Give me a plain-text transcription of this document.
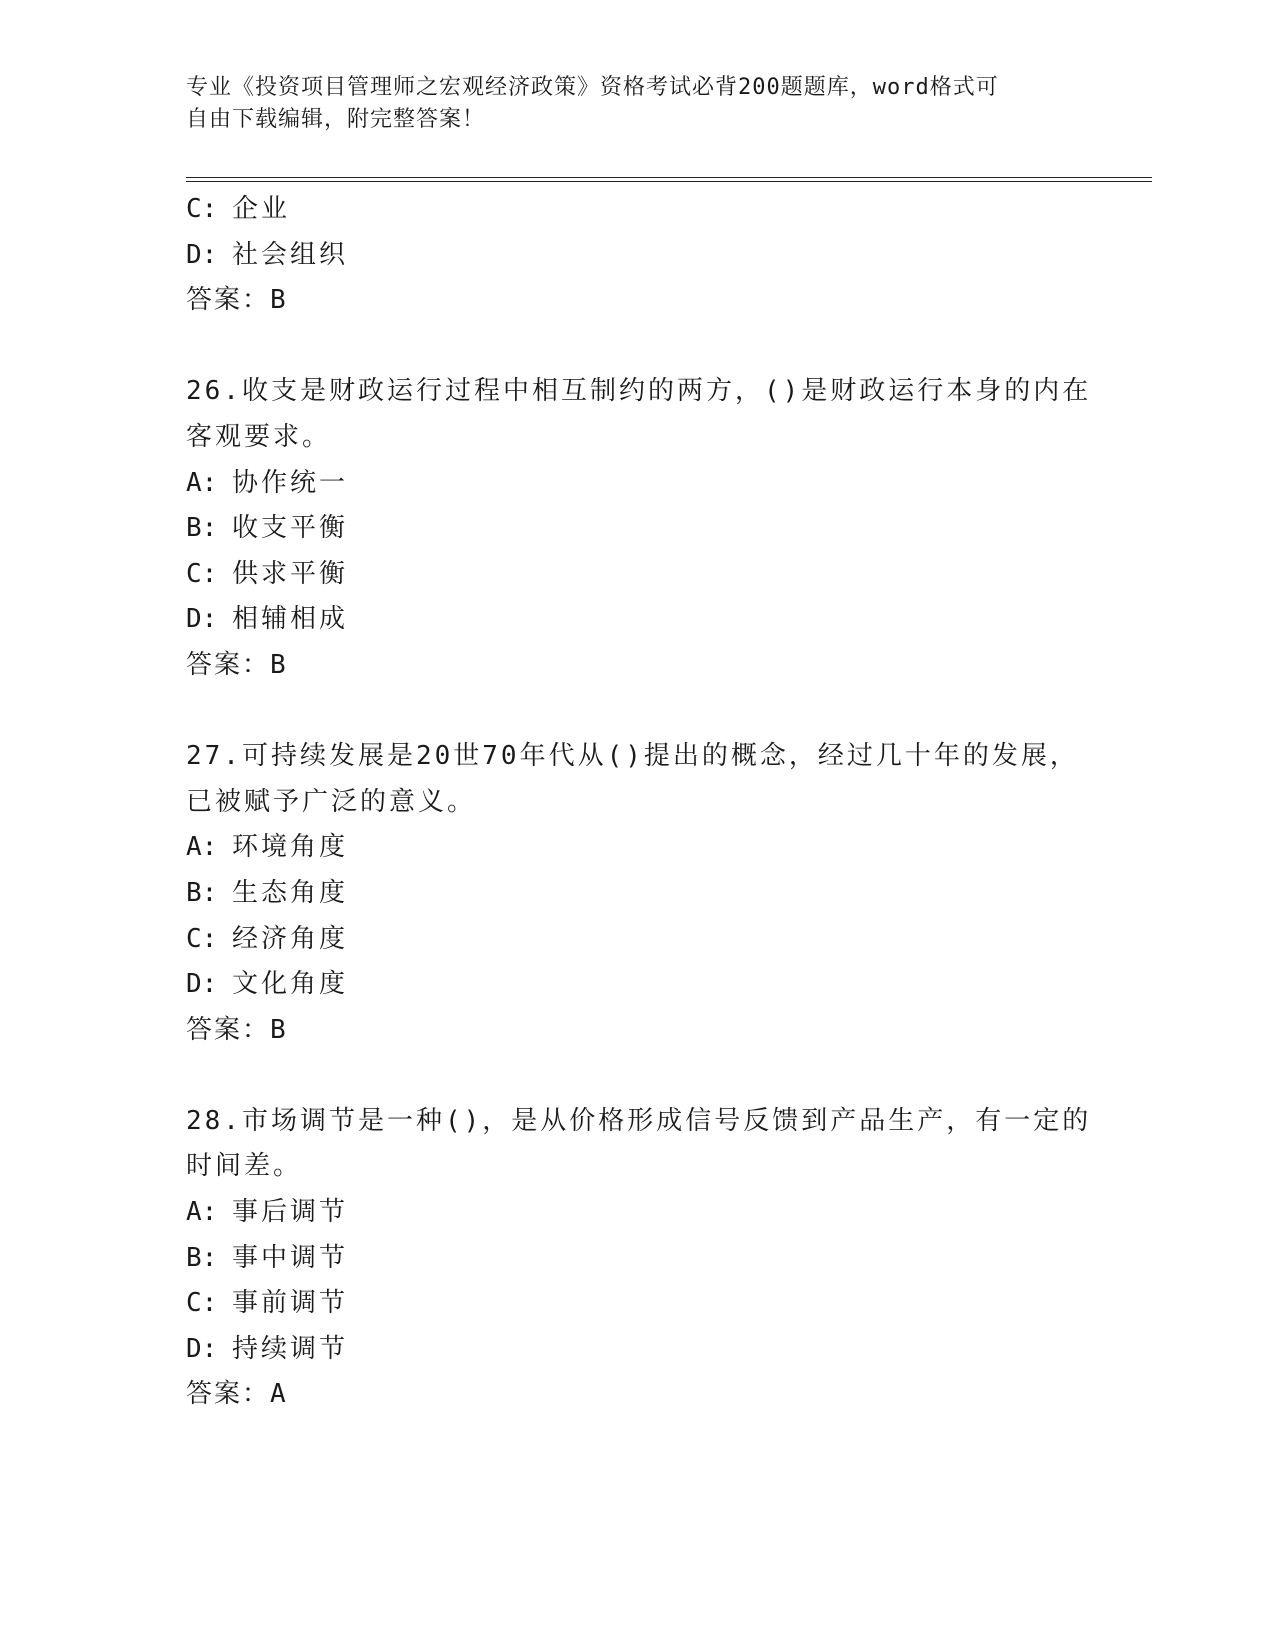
专业《投资项目管理师之宏观经济政策》资格考试必背200题题库，word格式可
自由下载编辑，附完整答案！
C: 企业
D: 社会组织
答案：B
26.收支是财政运行过程中相互制约的两方，()是财政运行本身的内在
客观要求。
A: 协作统一
B: 收支平衡
C: 供求平衡
D: 相辅相成
答案：B
27.可持续发展是20世70年代从()提出的概念，经过几十年的发展，
已被赋予广泛的意义。
A: 环境角度
B: 生态角度
C: 经济角度
D: 文化角度
答案：B
28.市场调节是一种()，是从价格形成信号反馈到产品生产，有一定的
时间差。
A: 事后调节
B: 事中调节
C: 事前调节
D: 持续调节
答案：A
